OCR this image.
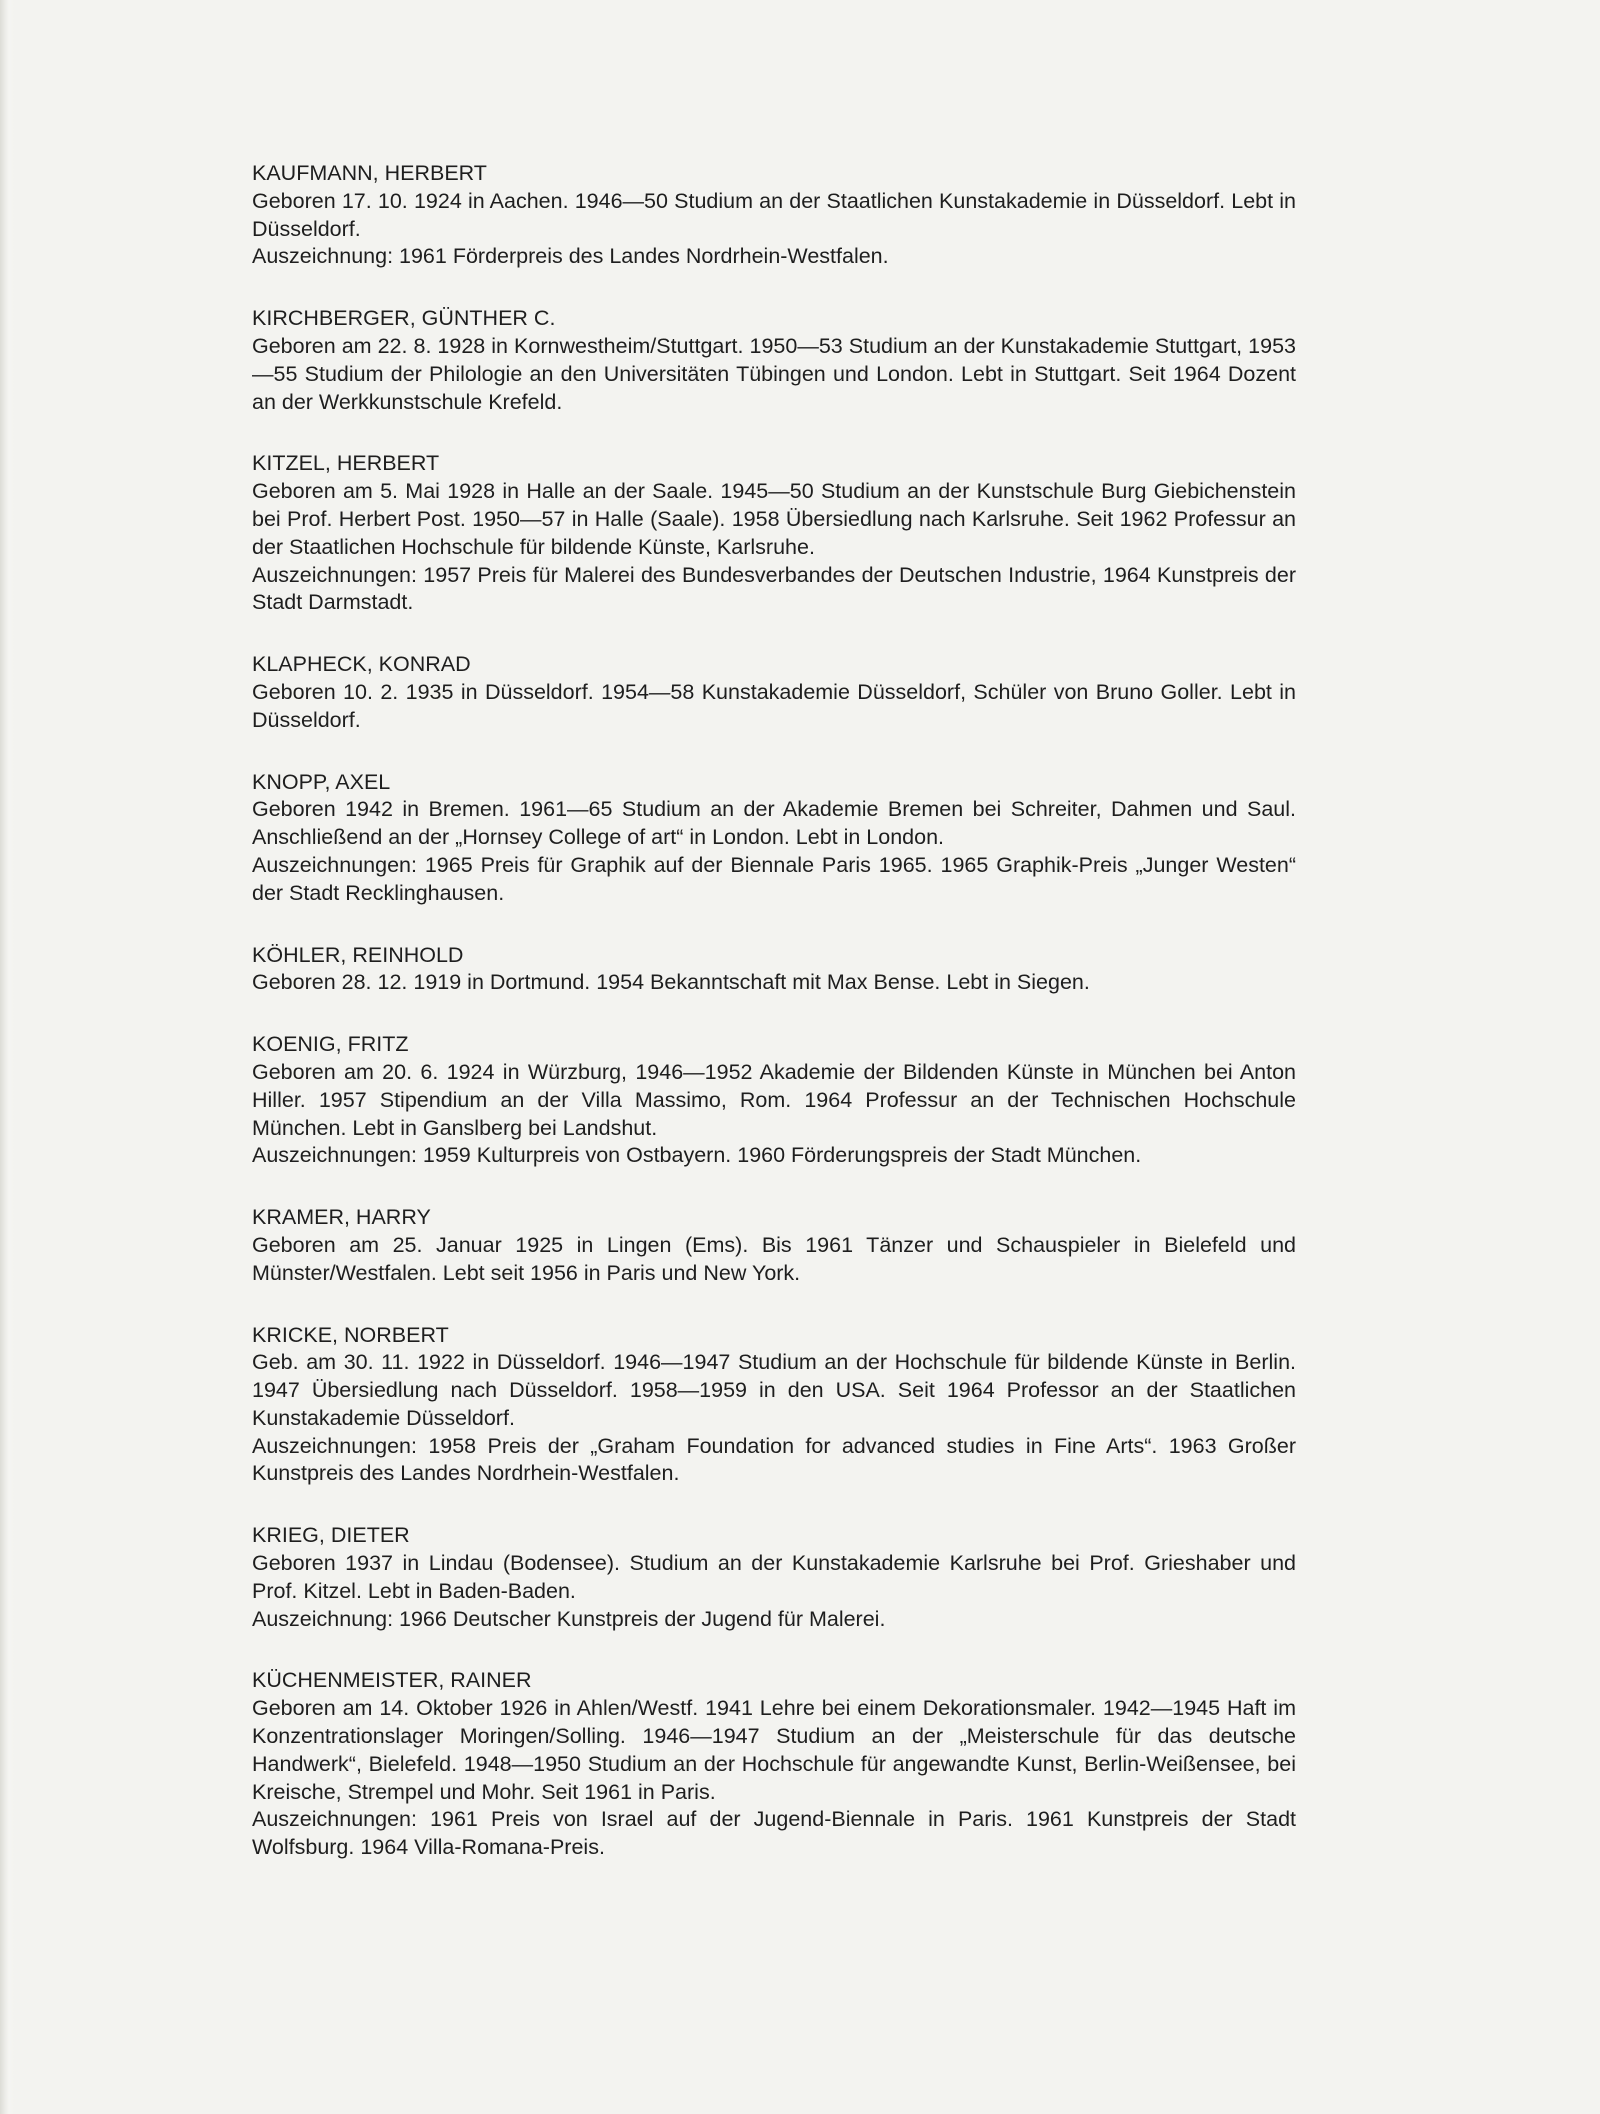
KAUFMANN, HERBERT
Geboren 17. 10. 1924 in Aachen. 1946—50 Studium an der Staatlichen Kunstakademie in Düsseldorf. Lebt in Düsseldorf.
Auszeichnung: 1961 Förderpreis des Landes Nordrhein-Westfalen.
KIRCHBERGER, GÜNTHER C.
Geboren am 22. 8. 1928 in Kornwestheim/Stuttgart. 1950—53 Studium an der Kunstakademie Stuttgart, 1953—55 Studium der Philologie an den Universitäten Tübingen und London. Lebt in Stuttgart. Seit 1964 Dozent an der Werkkunstschule Krefeld.
KITZEL, HERBERT
Geboren am 5. Mai 1928 in Halle an der Saale. 1945—50 Studium an der Kunstschule Burg Giebichenstein bei Prof. Herbert Post. 1950—57 in Halle (Saale). 1958 Übersiedlung nach Karlsruhe. Seit 1962 Professur an der Staatlichen Hochschule für bildende Künste, Karlsruhe.
Auszeichnungen: 1957 Preis für Malerei des Bundesverbandes der Deutschen Industrie, 1964 Kunstpreis der Stadt Darmstadt.
KLAPHECK, KONRAD
Geboren 10. 2. 1935 in Düsseldorf. 1954—58 Kunstakademie Düsseldorf, Schüler von Bruno Goller. Lebt in Düsseldorf.
KNOPP, AXEL
Geboren 1942 in Bremen. 1961—65 Studium an der Akademie Bremen bei Schreiter, Dahmen und Saul. Anschließend an der „Hornsey College of art“ in London. Lebt in London.
Auszeichnungen: 1965 Preis für Graphik auf der Biennale Paris 1965. 1965 Graphik-Preis „Junger Westen“ der Stadt Recklinghausen.
KÖHLER, REINHOLD
Geboren 28. 12. 1919 in Dortmund. 1954 Bekanntschaft mit Max Bense. Lebt in Siegen.
KOENIG, FRITZ
Geboren am 20. 6. 1924 in Würzburg, 1946—1952 Akademie der Bildenden Künste in München bei Anton Hiller. 1957 Stipendium an der Villa Massimo, Rom. 1964 Professur an der Technischen Hochschule München. Lebt in Ganslberg bei Landshut.
Auszeichnungen: 1959 Kulturpreis von Ostbayern. 1960 Förderungspreis der Stadt München.
KRAMER, HARRY
Geboren am 25. Januar 1925 in Lingen (Ems). Bis 1961 Tänzer und Schauspieler in Bielefeld und Münster/Westfalen. Lebt seit 1956 in Paris und New York.
KRICKE, NORBERT
Geb. am 30. 11. 1922 in Düsseldorf. 1946—1947 Studium an der Hochschule für bildende Künste in Berlin. 1947 Übersiedlung nach Düsseldorf. 1958—1959 in den USA. Seit 1964 Professor an der Staatlichen Kunstakademie Düsseldorf.
Auszeichnungen: 1958 Preis der „Graham Foundation for advanced studies in Fine Arts“. 1963 Großer Kunstpreis des Landes Nordrhein-Westfalen.
KRIEG, DIETER
Geboren 1937 in Lindau (Bodensee). Studium an der Kunstakademie Karlsruhe bei Prof. Grieshaber und Prof. Kitzel. Lebt in Baden-Baden.
Auszeichnung: 1966 Deutscher Kunstpreis der Jugend für Malerei.
KÜCHENMEISTER, RAINER
Geboren am 14. Oktober 1926 in Ahlen/Westf. 1941 Lehre bei einem Dekorationsmaler. 1942—1945 Haft im Konzentrationslager Moringen/Solling. 1946—1947 Studium an der „Meisterschule für das deutsche Handwerk“, Bielefeld. 1948—1950 Studium an der Hochschule für angewandte Kunst, Berlin-Weißensee, bei Kreische, Strempel und Mohr. Seit 1961 in Paris.
Auszeichnungen: 1961 Preis von Israel auf der Jugend-Biennale in Paris. 1961 Kunstpreis der Stadt Wolfsburg. 1964 Villa-Romana-Preis.
